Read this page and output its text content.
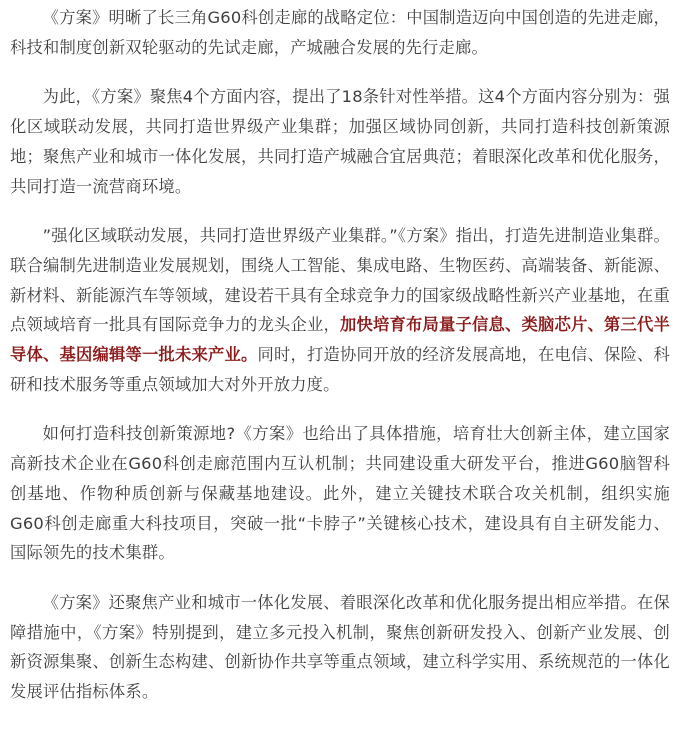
《方案》明晰了长三角G60科创走廊的战略定位：中国制造迈向中国创造的先进走廊，科技和制度创新双轮驱动的先试走廊，产城融合发展的先行走廊。

为此，《方案》聚焦4个方面内容，提出了18条针对性举措。这4个方面内容分别为：强化区域联动发展，共同打造世界级产业集群；加强区域协同创新，共同打造科技创新策源地；聚焦产业和城市一体化发展，共同打造产城融合宜居典范；着眼深化改革和优化服务，共同打造一流营商环境。

”强化区域联动发展，共同打造世界级产业集群。”《方案》指出，打造先进制造业集群。联合编制先进制造业发展规划，围绕人工智能、集成电路、生物医药、高端装备、新能源、新材料、新能源汽车等领域，建设若干具有全球竞争力的国家级战略性新兴产业基地，在重点领域培育一批具有国际竞争力的龙头企业，加快培育布局量子信息、类脑芯片、第三代半导体、基因编辑等一批未来产业。同时，打造协同开放的经济发展高地，在电信、保险、科研和技术服务等重点领域加大对外开放力度。

如何打造科技创新策源地?《方案》也给出了具体措施，培育壮大创新主体，建立国家高新技术企业在G60科创走廊范围内互认机制；共同建设重大研发平台，推进G60脑智科创基地、作物种质创新与保藏基地建设。此外，建立关键技术联合攻关机制，组织实施G60科创走廊重大科技项目，突破一批“卡脖子”关键核心技术，建设具有自主研发能力、国际领先的技术集群。

《方案》还聚焦产业和城市一体化发展、着眼深化改革和优化服务提出相应举措。在保障措施中，《方案》特别提到，建立多元投入机制，聚焦创新研发投入、创新产业发展、创新资源集聚、创新生态构建、创新协作共享等重点领域，建立科学实用、系统规范的一体化发展评估指标体系。
